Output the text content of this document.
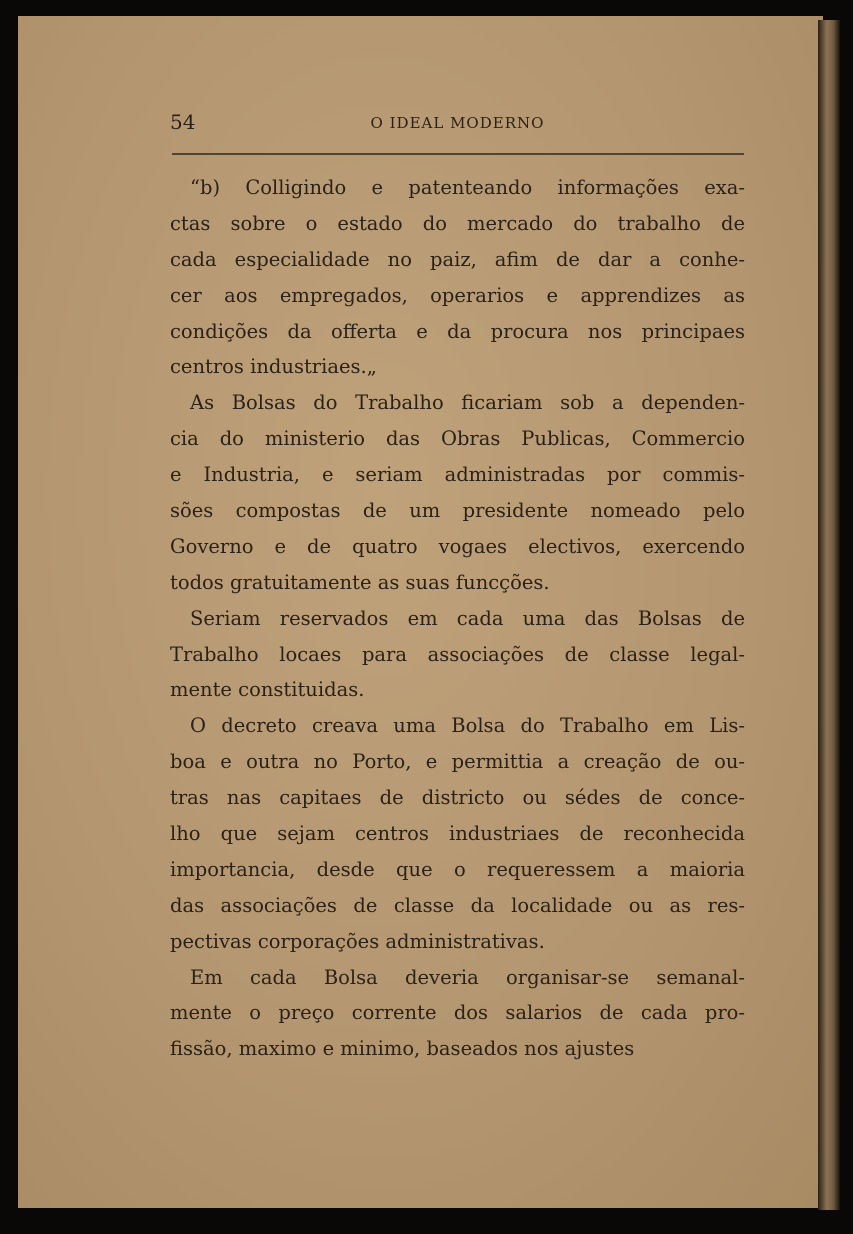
54	O IDEAL MODERNO
“b) Colligindo e patenteando informações exa-
ctas sobre o estado do mercado do trabalho de
cada especialidade no paiz, afim de dar a conhe-
cer aos empregados, operarios e apprendizes as
condições da offerta e da procura nos principaes
centros industriaes.„
As Bolsas do Trabalho ficariam sob a dependen-
cia do ministerio das Obras Publicas, Commercio
e Industria, e seriam administradas por commis-
sões compostas de um presidente nomeado pelo
Governo e de quatro vogaes electivos, exercendo
todos gratuitamente as suas funcções.
Seriam reservados em cada uma das Bolsas de
Trabalho locaes para associações de classe legal-
mente constituidas.
O decreto creava uma Bolsa do Trabalho em Lis-
boa e outra no Porto, e permittia a creação de ou-
tras nas capitaes de districto ou sédes de conce-
lho que sejam centros industriaes de reconhecida
importancia, desde que o requeressem a maioria
das associações de classe da localidade ou as res-
pectivas corporações administrativas.
Em cada Bolsa deveria organisar-se semanal-
mente o preço corrente dos salarios de cada pro-
fissão, maximo e minimo, baseados nos ajustes
